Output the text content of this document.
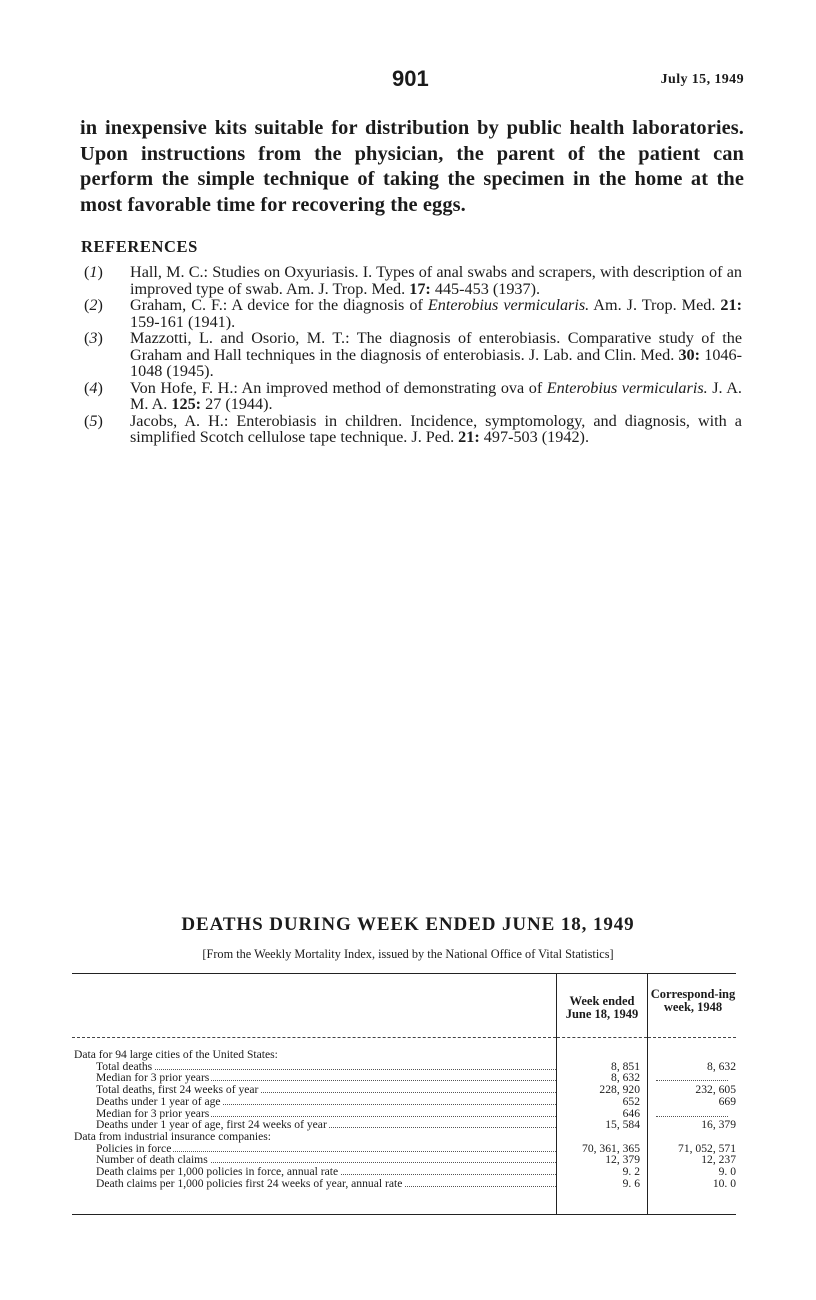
901	July 15, 1949

in inexpensive kits suitable for distribution by public health laboratories. Upon instructions from the physician, the parent of the patient can perform the simple technique of taking the specimen in the home at the most favorable time for recovering the eggs.

REFERENCES
(1) Hall, M. C.: Studies on Oxyuriasis. I. Types of anal swabs and scrapers, with description of an improved type of swab. Am. J. Trop. Med. 17: 445-453 (1937).
(2) Graham, C. F.: A device for the diagnosis of Enterobius vermicularis. Am. J. Trop. Med. 21: 159-161 (1941).
(3) Mazzotti, L. and Osorio, M. T.: The diagnosis of enterobiasis. Comparative study of the Graham and Hall techniques in the diagnosis of enterobiasis. J. Lab. and Clin. Med. 30: 1046-1048 (1945).
(4) Von Hofe, F. H.: An improved method of demonstrating ova of Enterobius vermicularis. J. A. M. A. 125: 27 (1944).
(5) Jacobs, A. H.: Enterobiasis in children. Incidence, symptomology, and diagnosis, with a simplified Scotch cellulose tape technique. J. Ped. 21: 497-503 (1942).
DEATHS DURING WEEK ENDED JUNE 18, 1949
[From the Weekly Mortality Index, issued by the National Office of Vital Statistics]
Week ended June 18, 1949
Correspond-ing week, 1948
Data for 94 large cities of the United States:
Total deaths	8, 851	8, 632
Median for 3 prior years	8, 632
Total deaths, first 24 weeks of year	228, 920	232, 605
Deaths under 1 year of age	652	669
Median for 3 prior years	646
Deaths under 1 year of age, first 24 weeks of year	15, 584	16, 379
Data from industrial insurance companies:
Policies in force	70, 361, 365	71, 052, 571
Number of death claims	12, 379	12, 237
Death claims per 1,000 policies in force, annual rate	9. 2	9. 0
Death claims per 1,000 policies first 24 weeks of year, annual rate	9. 6	10. 0
